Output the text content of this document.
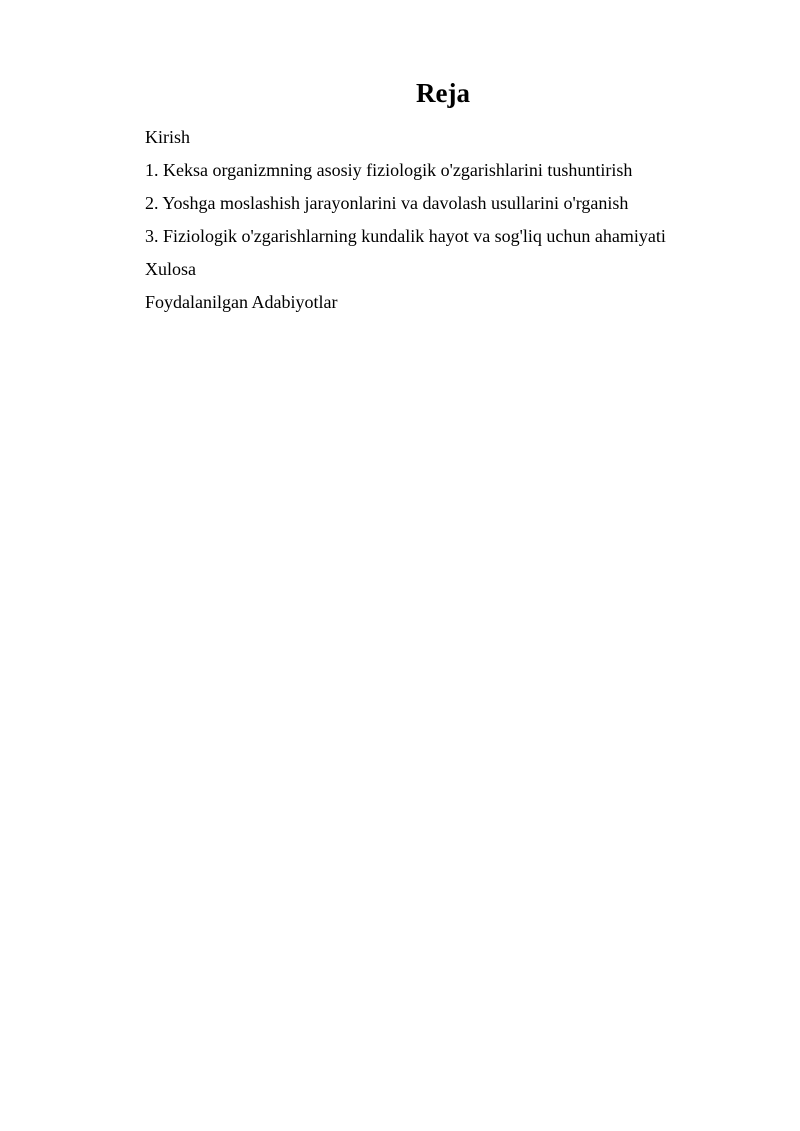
Reja
Kirish
1. Keksa organizmning asosiy fiziologik o'zgarishlarini tushuntirish
2. Yoshga moslashish jarayonlarini va davolash usullarini o'rganish
3. Fiziologik o'zgarishlarning kundalik hayot va sog'liq uchun ahamiyati
Xulosa
Foydalanilgan Adabiyotlar
